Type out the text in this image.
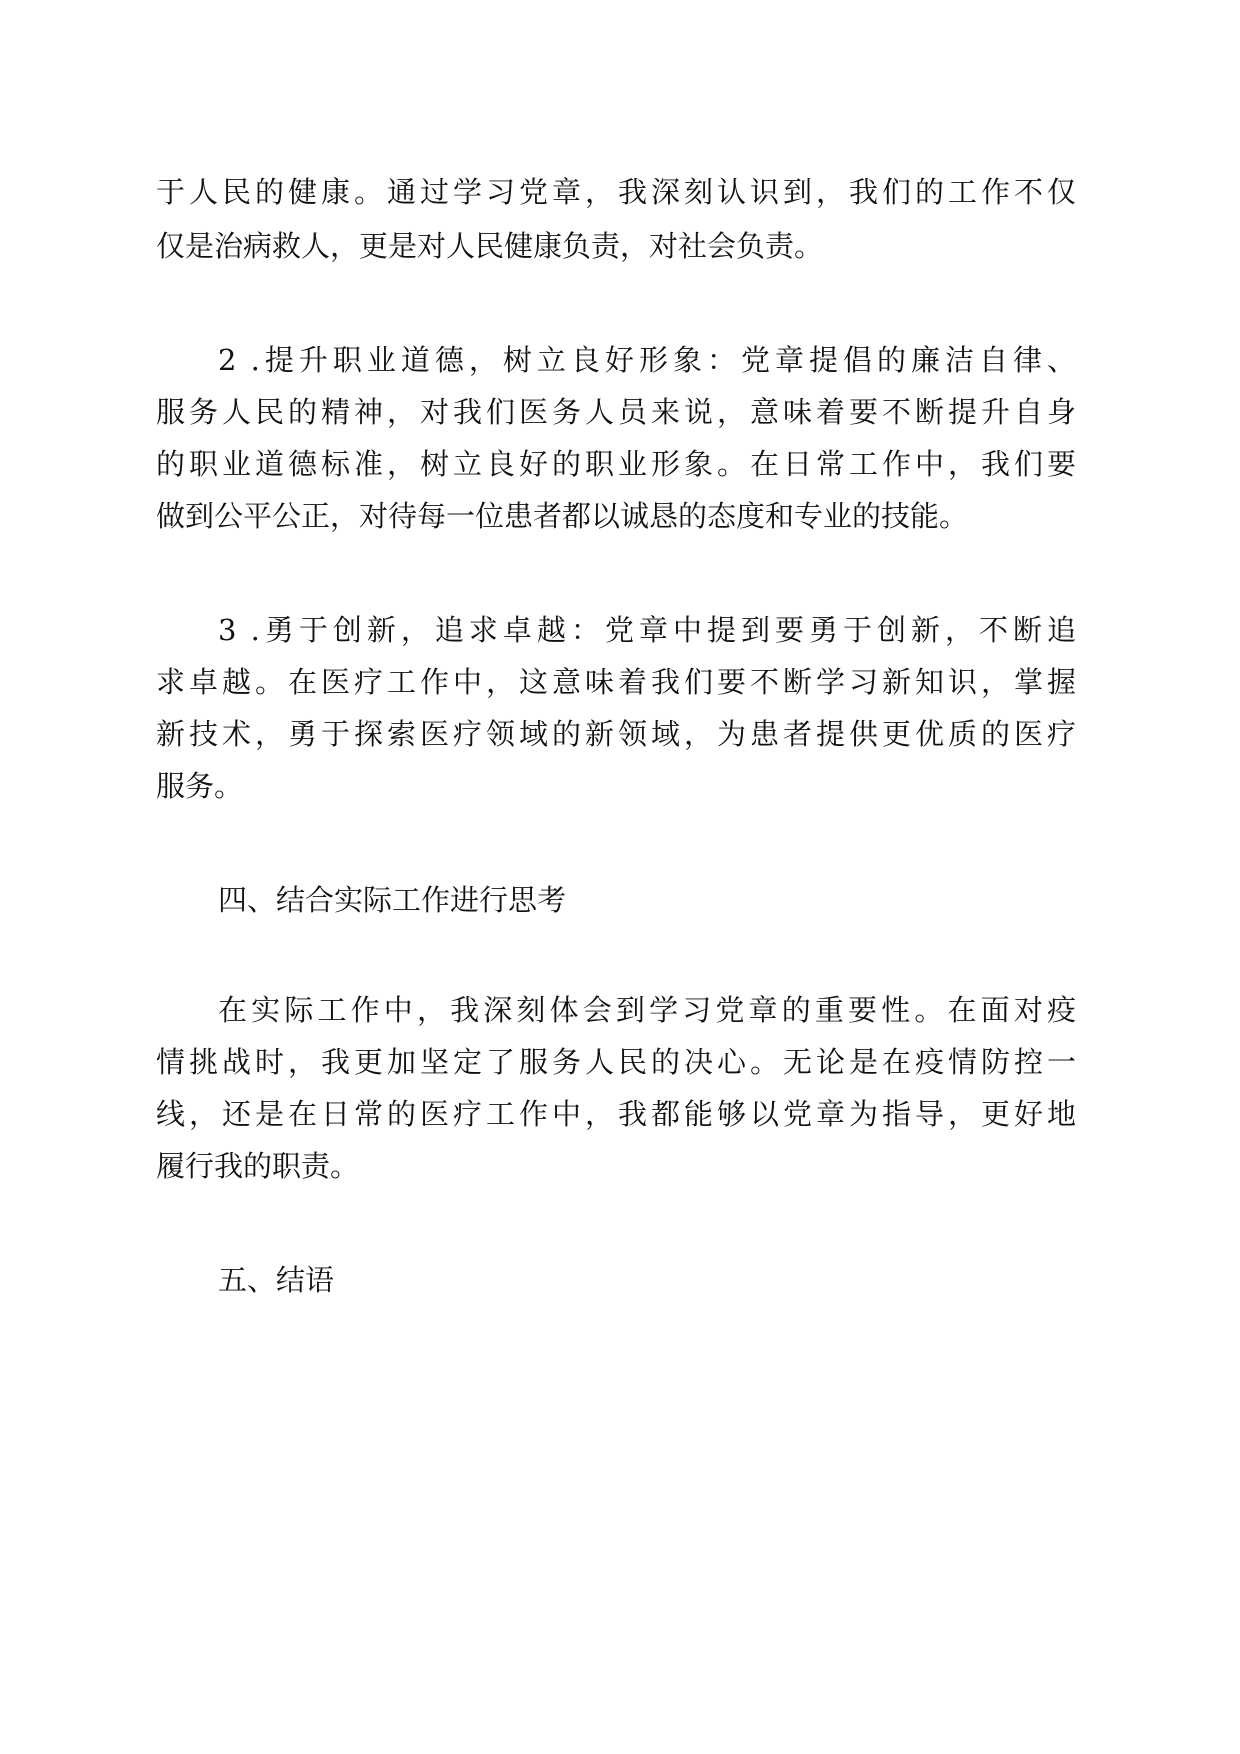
于人民的健康。通过学习党章，我深刻认识到，我们的工作不仅
仅是治病救人，更是对人民健康负责，对社会负责。
2 .提升职业道德，树立良好形象：党章提倡的廉洁自律、
服务人民的精神，对我们医务人员来说，意味着要不断提升自身
的职业道德标准，树立良好的职业形象。在日常工作中，我们要
做到公平公正，对待每一位患者都以诚恳的态度和专业的技能。
3 .勇于创新，追求卓越：党章中提到要勇于创新，不断追
求卓越。在医疗工作中，这意味着我们要不断学习新知识，掌握
新技术，勇于探索医疗领域的新领域，为患者提供更优质的医疗
服务。
四、结合实际工作进行思考
在实际工作中，我深刻体会到学习党章的重要性。在面对疫
情挑战时，我更加坚定了服务人民的决心。无论是在疫情防控一
线，还是在日常的医疗工作中，我都能够以党章为指导，更好地
履行我的职责。
五、结语
